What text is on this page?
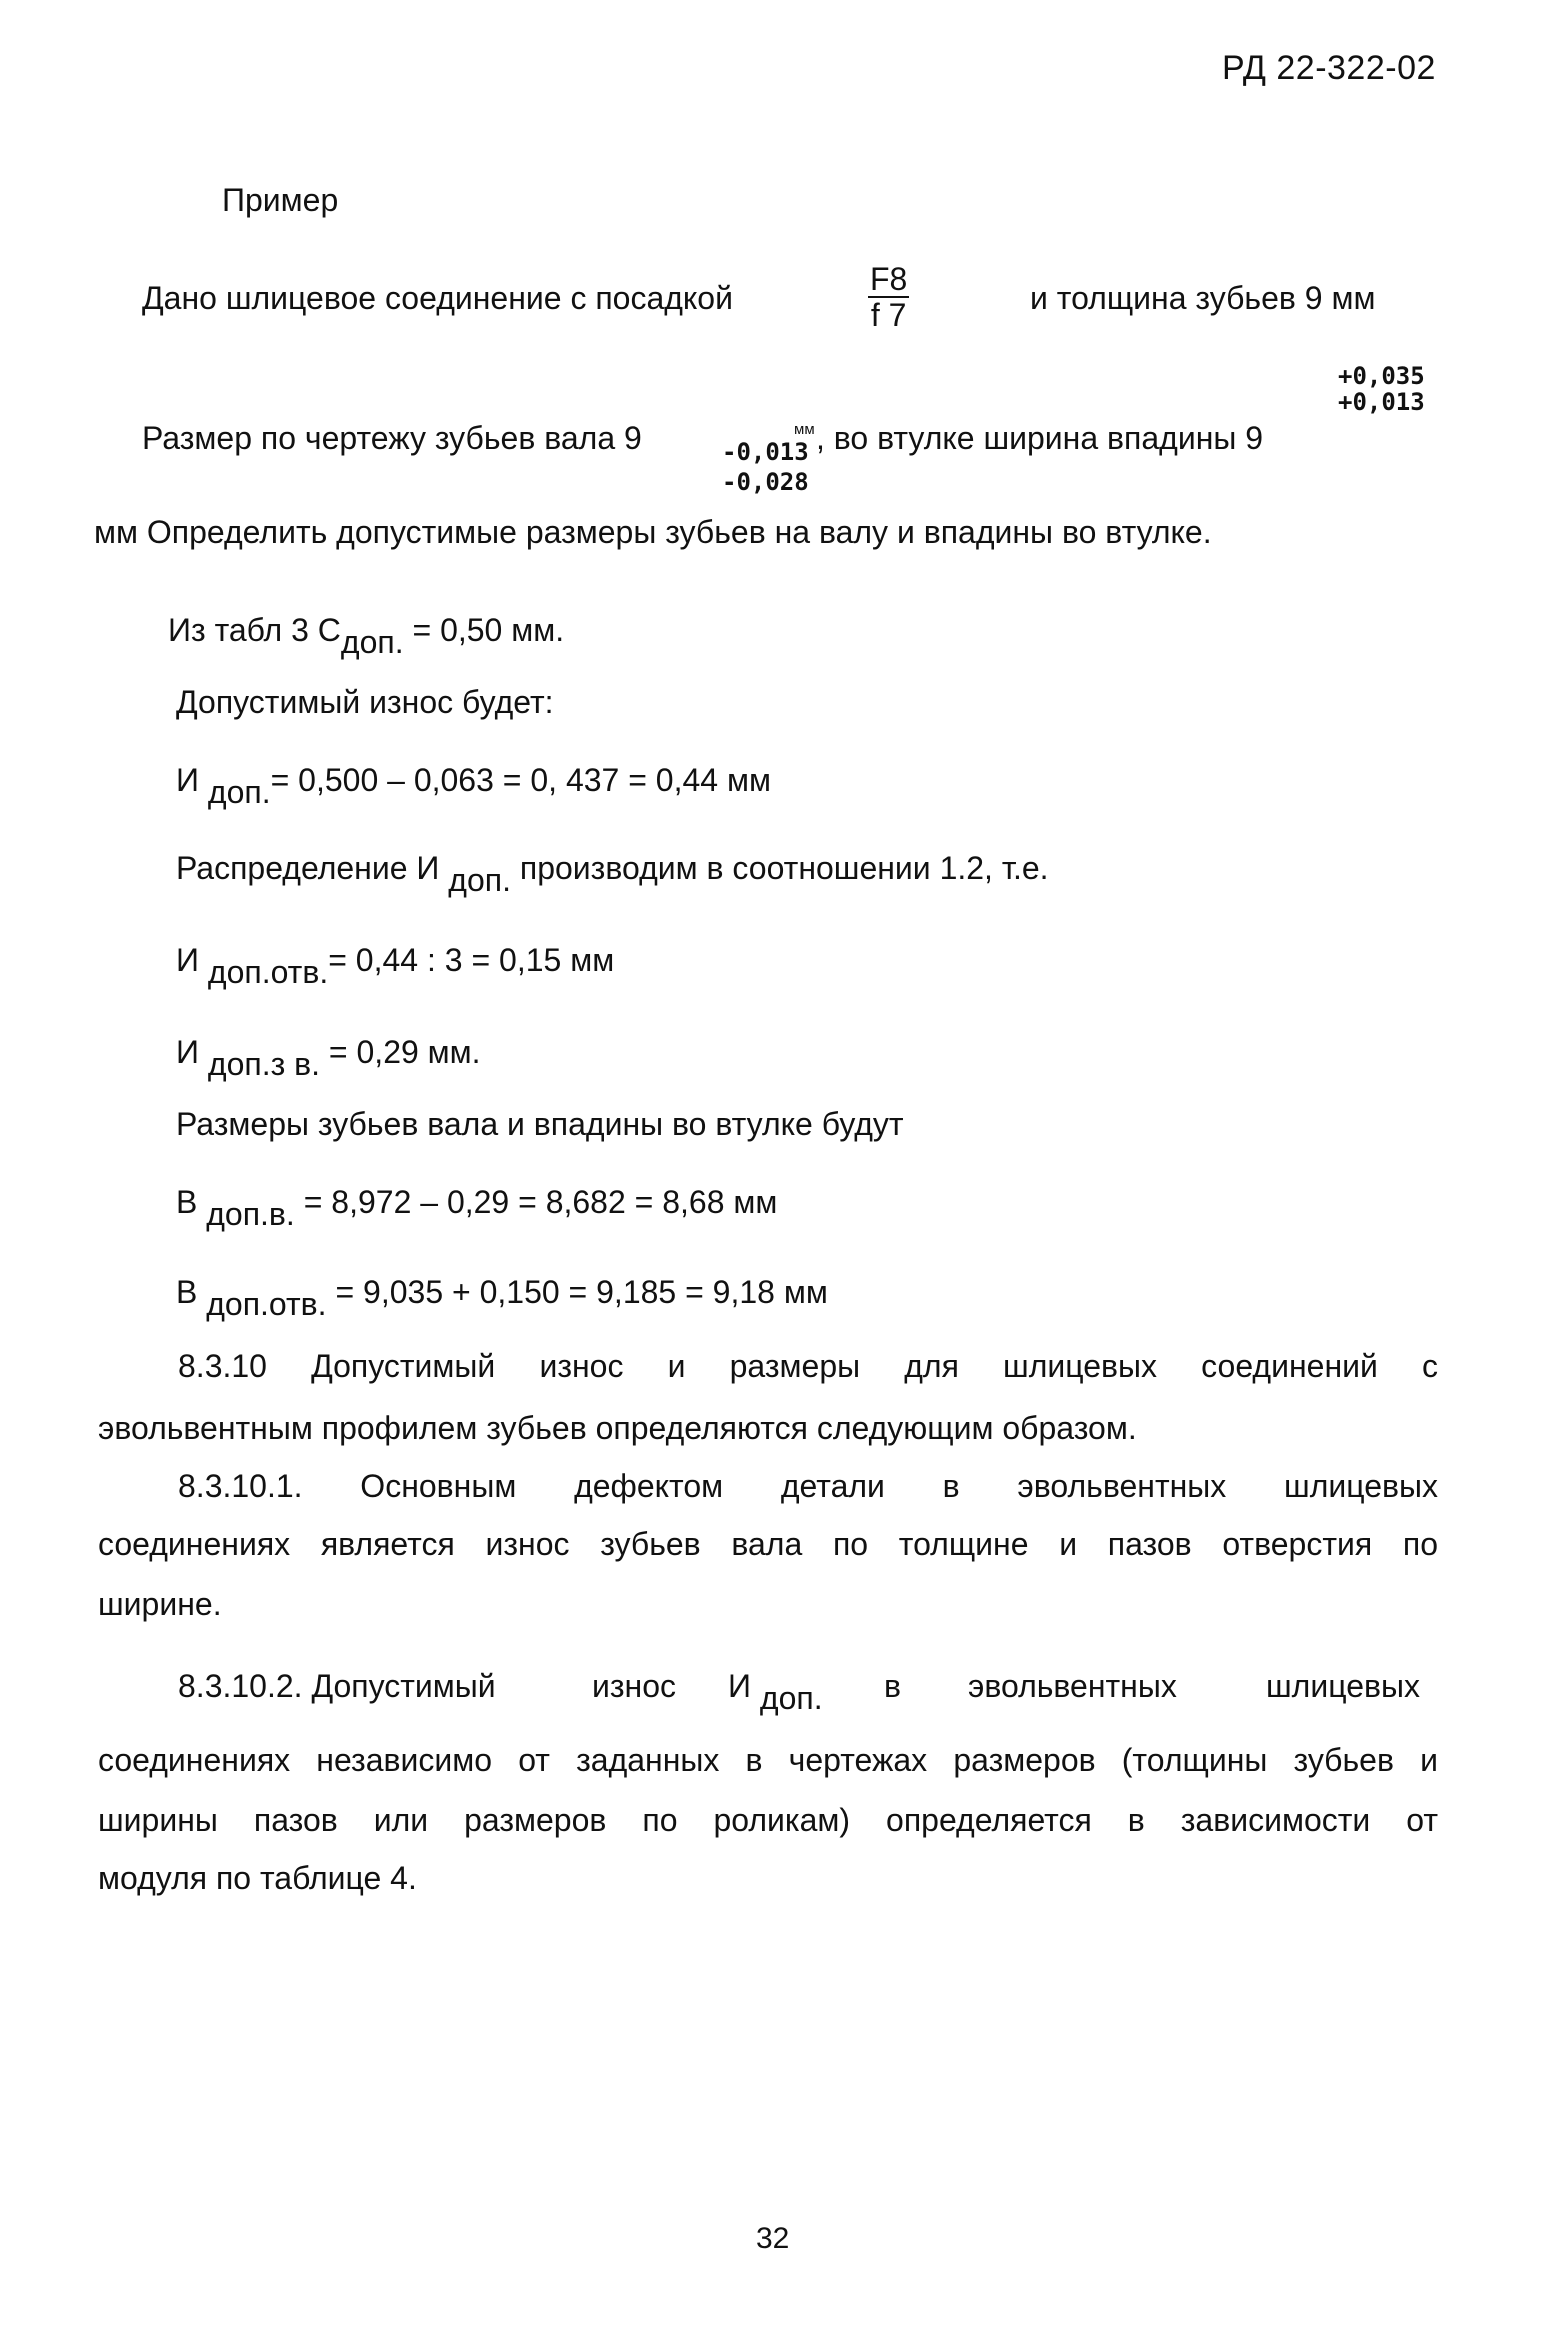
РД 22-322-02
Пример
Дано шлицевое соединение с посадкой	$\frac{F8}{f 7}$	и толщина зубьев 9 мм
+0,035
+0,013
Размер по чертежу зубьев вала 9	-0,013
-0,028
мм , во втулке ширина впадины 9
мм Определить допустимые размеры зубьев на валу и впадины во втулке.
Из табл 3 Сдоп. = 0,50 мм.
Допустимый износ будет:
И доп.= 0,500 – 0,063 = 0, 437 = 0,44 мм
Распределение И доп. производим в соотношении 1.2, т.е.
И доп.отв.= 0,44 : 3 = 0,15 мм
И доп.з в. = 0,29 мм.
Размеры зубьев вала и впадины во втулке будут
В доп.в. = 8,972 – 0,29 = 8,682 = 8,68 мм
В доп.отв. = 9,035 + 0,150 = 9,185 = 9,18 мм
8.3.10 Допустимый износ и размеры для шлицевых соединений с
эвольвентным профилем зубьев определяются следующим образом.
8.3.10.1. Основным дефектом детали в эвольвентных шлицевых
соединениях является износ зубьев вала по толщине и пазов отверстия по
ширине.
8.3.10.2. Допустимый	износ И доп. в эвольвентных	шлицевых
соединениях независимо от заданных в чертежах размеров (толщины зубьев и
ширины пазов или размеров по роликам) определяется в зависимости от
модуля по таблице 4.
32
